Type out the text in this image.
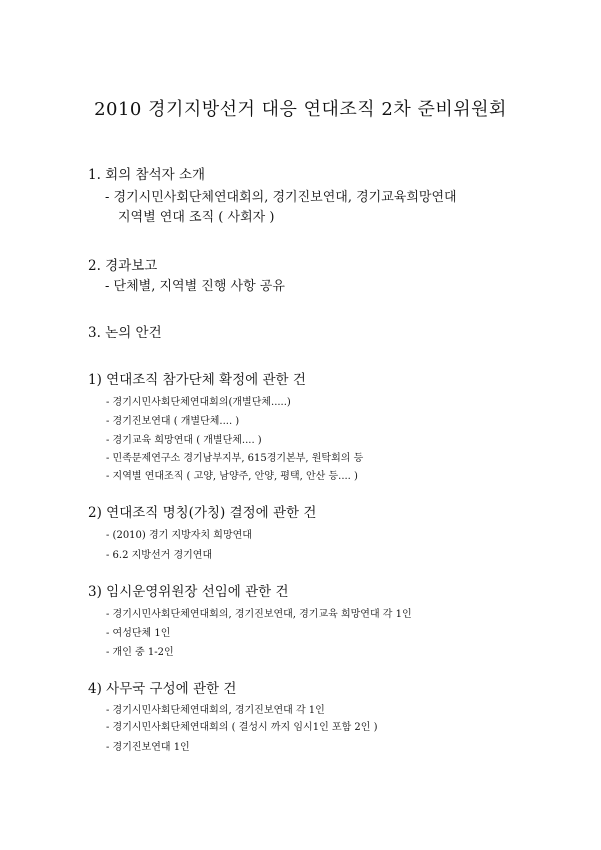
2010 경기지방선거 대응 연대조직 2차 준비위원회
1. 회의 참석자 소개
- 경기시민사회단체연대회의, 경기진보연대, 경기교육희망연대
지역별 연대 조직 ( 사회자 )
2. 경과보고
- 단체별, 지역별 진행 사항 공유
3. 논의 안건
1) 연대조직 참가단체 확정에 관한 건
- 경기시민사회단체연대회의(개별단체.....)
- 경기진보연대 ( 개별단체.... )
- 경기교육 희망연대 ( 개별단체.... )
- 민족문제연구소 경기남부지부, 615경기본부, 원탁회의 등
- 지역별 연대조직 ( 고양, 남양주, 안양, 평택, 안산 등.... )
2) 연대조직 명칭(가칭) 결정에 관한 건
- (2010) 경기 지방자치 희망연대
- 6.2 지방선거 경기연대
3) 임시운영위원장 선임에 관한 건
- 경기시민사회단체연대회의, 경기진보연대, 경기교육 희망연대 각 1인
- 여성단체 1인
- 개인 중 1-2인
4) 사무국 구성에 관한 건
- 경기시민사회단체연대회의, 경기진보연대 각 1인
- 경기시민사회단체연대회의 ( 결성시 까지 임시1인 포함 2인 )
- 경기진보연대 1인
